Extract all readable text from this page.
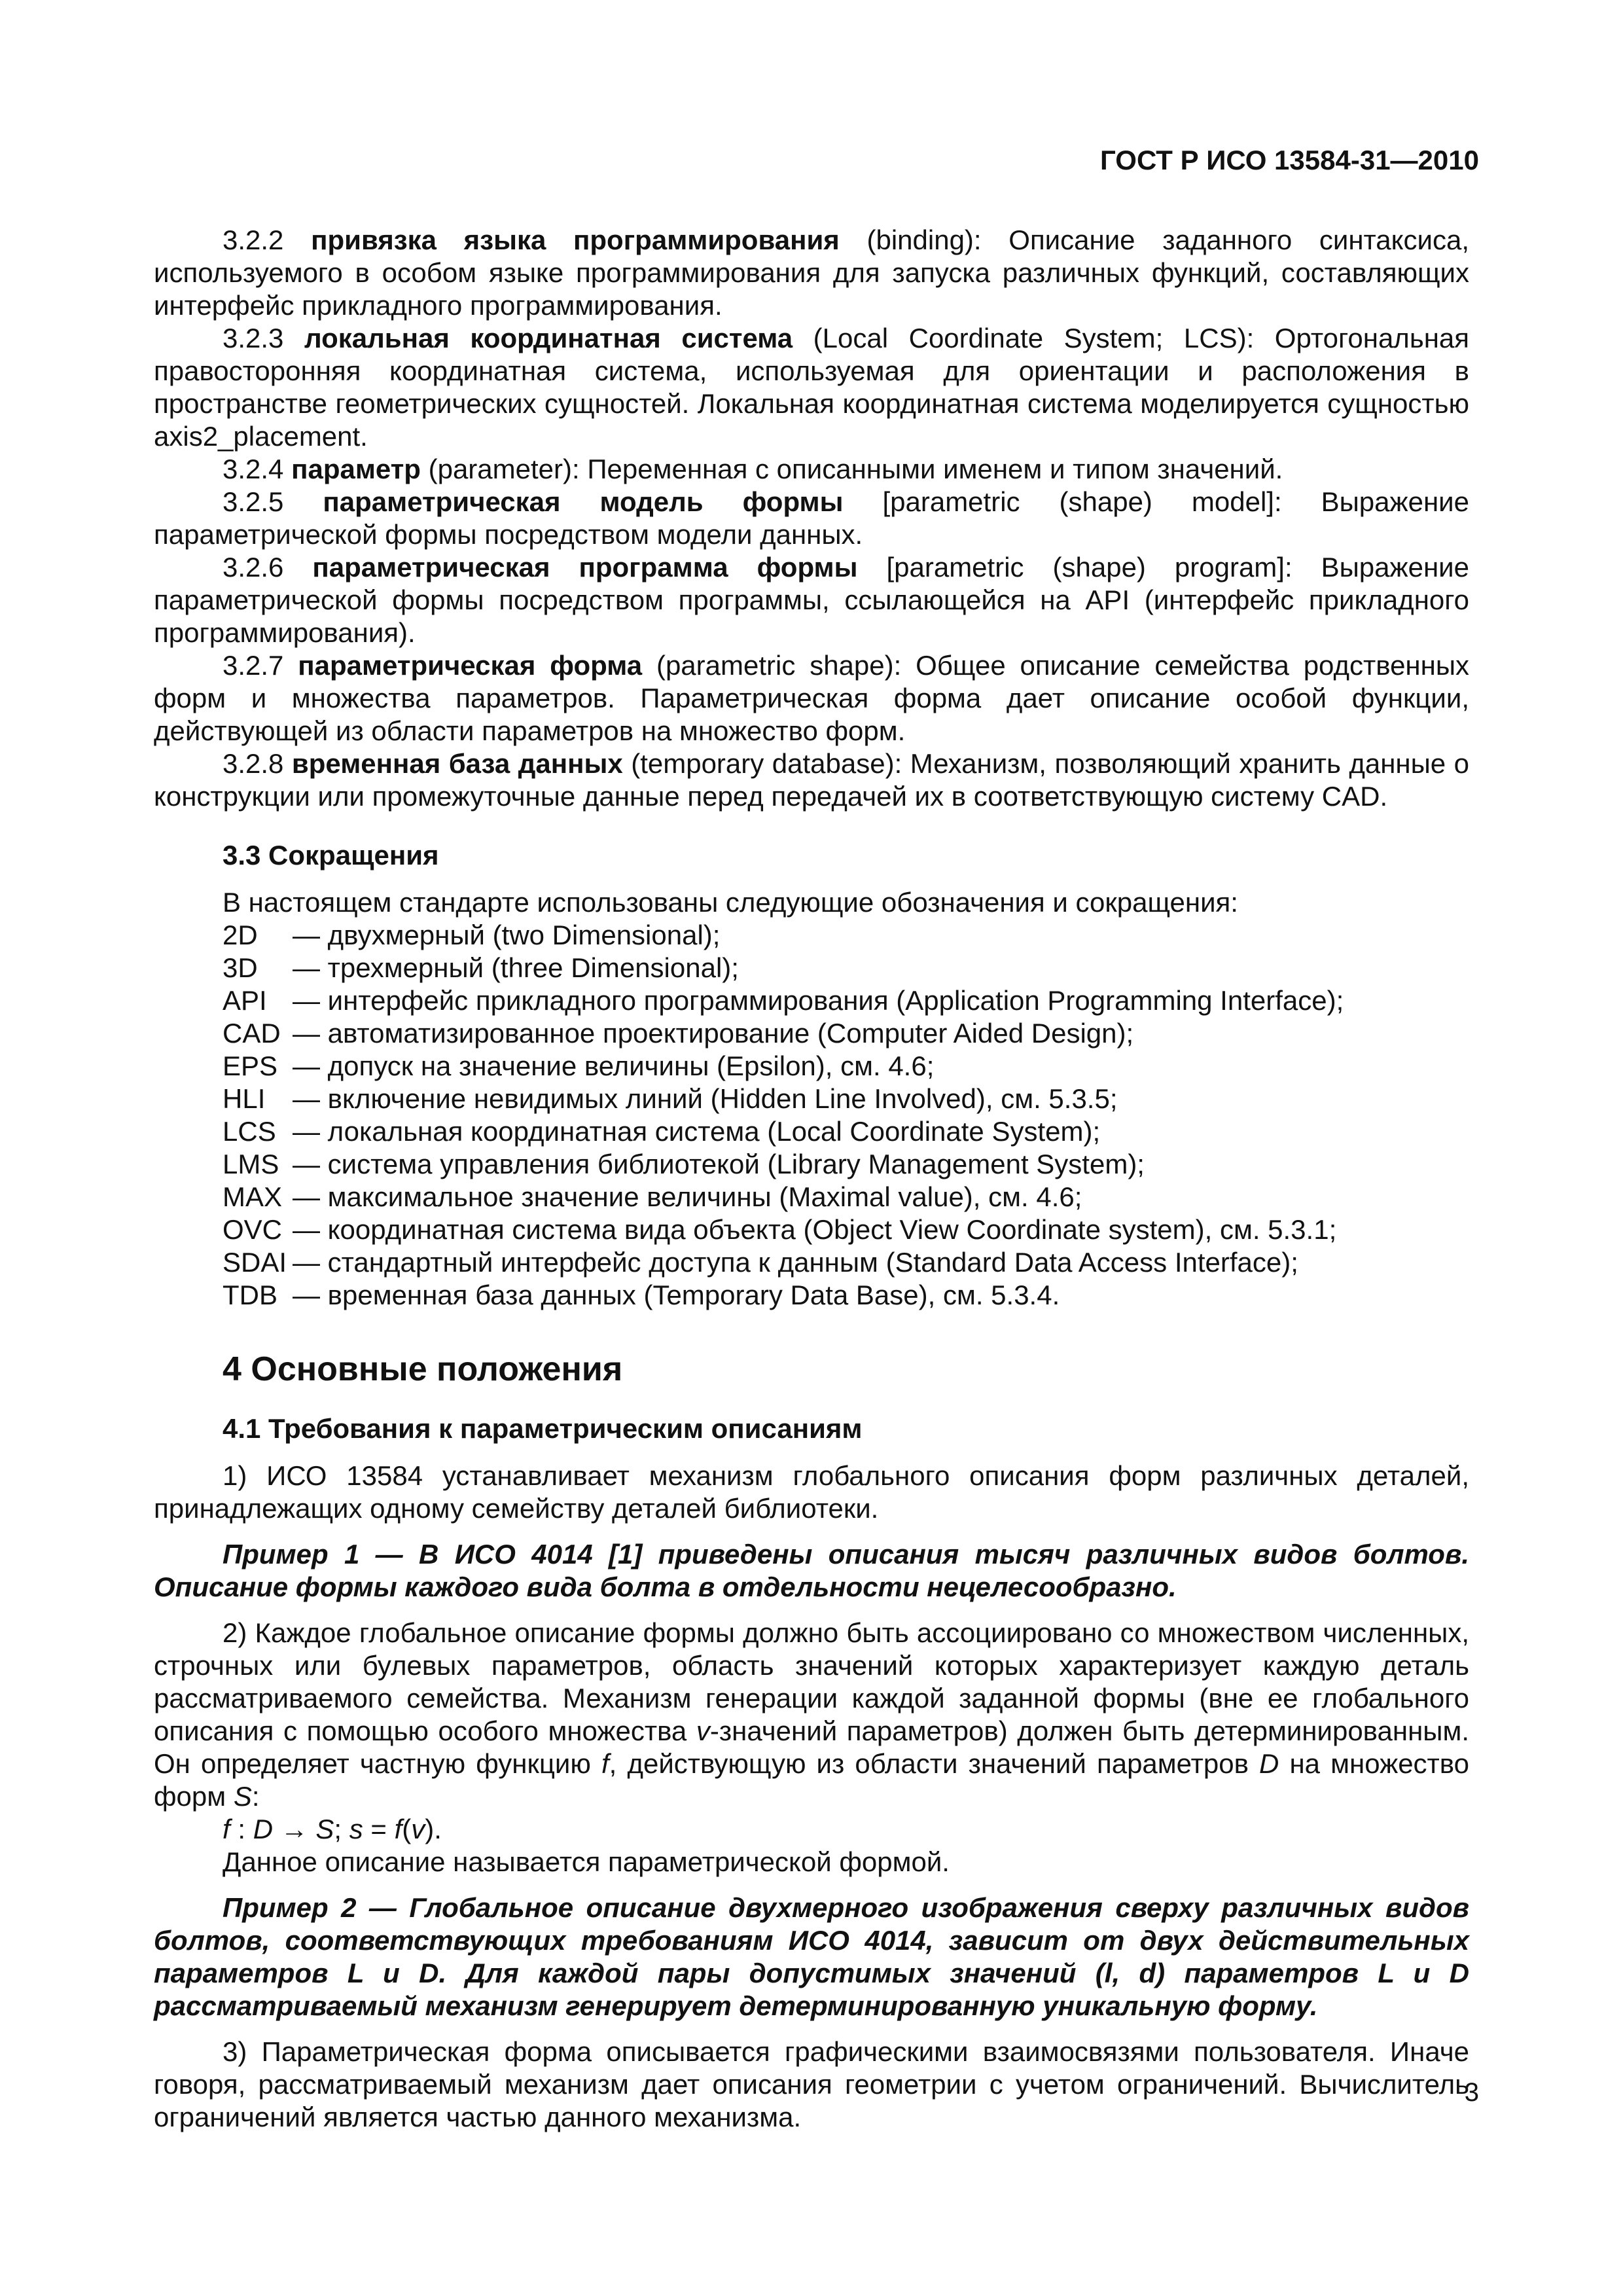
ГОСТ Р ИСО 13584-31—2010

3.2.2 привязка языка программирования (binding): Описание заданного синтаксиса, используемого в особом языке программирования для запуска различных функций, составляющих интерфейс прикладного программирования.

3.2.3 локальная координатная система (Local Coordinate System; LCS): Ортогональная правосторонняя координатная система, используемая для ориентации и расположения в пространстве геометрических сущностей. Локальная координатная система моделируется сущностью axis2_placement.

3.2.4 параметр (parameter): Переменная с описанными именем и типом значений.

3.2.5 параметрическая модель формы [parametric (shape) model]: Выражение параметрической формы посредством модели данных.

3.2.6 параметрическая программа формы [parametric (shape) program]: Выражение параметрической формы посредством программы, ссылающейся на API (интерфейс прикладного программирования).

3.2.7 параметрическая форма (parametric shape): Общее описание семейства родственных форм и множества параметров. Параметрическая форма дает описание особой функции, действующей из области параметров на множество форм.

3.2.8 временная база данных (temporary database): Механизм, позволяющий хранить данные о конструкции или промежуточные данные перед передачей их в соответствующую систему CAD.

3.3 Сокращения
В настоящем стандарте использованы следующие обозначения и сокращения:
2D	— двухмерный (two Dimensional);
3D	— трехмерный (three Dimensional);
API — интерфейс прикладного программирования (Application Programming Interface);
CAD — автоматизированное проектирование (Computer Aided Design);
EPS — допуск на значение величины (Epsilon), см. 4.6;
HLI — включение невидимых линий (Hidden Line Involved), см. 5.3.5;
LCS — локальная координатная система (Local Coordinate System);
LMS — система управления библиотекой (Library Management System);
MAX — максимальное значение величины (Maximal value), см. 4.6;
OVC — координатная система вида объекта (Object View Coordinate system), см. 5.3.1;
SDAI — стандартный интерфейс доступа к данным (Standard Data Access Interface);
TDB — временная база данных (Temporary Data Base), см. 5.3.4.
4 Основные положения
4.1 Требования к параметрическим описаниям

1) ИСО 13584 устанавливает механизм глобального описания форм различных деталей, принадлежащих одному семейству деталей библиотеки.

Пример 1 — В ИСО 4014 [1] приведены описания тысяч различных видов болтов. Описание формы каждого вида болта в отдельности нецелесообразно.

2) Каждое глобальное описание формы должно быть ассоциировано со множеством численных, строчных или булевых параметров, область значений которых характеризует каждую деталь рассматриваемого семейства. Механизм генерации каждой заданной формы (вне ее глобального описания с помощью особого множества v-значений параметров) должен быть детерминированным. Он определяет частную функцию f, действующую из области значений параметров D на множество форм S:

f : D → S; s = f(v).
Данное описание называется параметрической формой.

Пример 2 — Глобальное описание двухмерного изображения сверху различных видов болтов, соответствующих требованиям ИСО 4014, зависит от двух действительных параметров L и D. Для каждой пары допустимых значений (l, d) параметров L и D рассматриваемый механизм генерирует детерминированную уникальную форму.

3) Параметрическая форма описывается графическими взаимосвязями пользователя. Иначе говоря, рассматриваемый механизм дает описания геометрии с учетом ограничений. Вычислитель ограничений является частью данного механизма.

3
